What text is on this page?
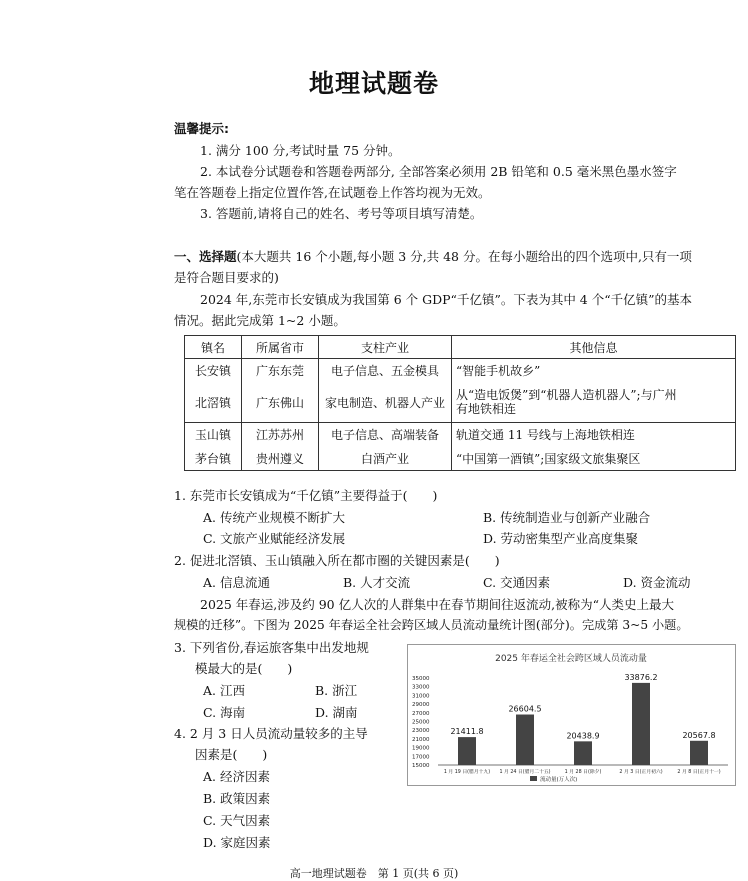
地理试题卷
温馨提示:
1. 满分 100 分,考试时量 75 分钟。
2. 本试卷分试题卷和答题卷两部分, 全部答案必须用 2B 铅笔和 0.5 毫米黑色墨水签字
笔在答题卷上指定位置作答,在试题卷上作答均视为无效。
3. 答题前,请将自己的姓名、考号等项目填写清楚。
一、选择题(本大题共 16 个小题,每小题 3 分,共 48 分。在每小题给出的四个选项中,只有一项
是符合题目要求的)
2024 年,东莞市长安镇成为我国第 6 个 GDP“千亿镇”。下表为其中 4 个“千亿镇”的基本
情况。据此完成第 1~2 小题。
镇名	所属省市	支柱产业	其他信息
长安镇	广东东莞	电子信息、五金模具	“智能手机故乡”
北滘镇	广东佛山	家电制造、机器人产业	从“造电饭煲”到“机器人造机器人”;与广州
有地铁相连
玉山镇	江苏苏州	电子信息、高端装备	轨道交通 11 号线与上海地铁相连
茅台镇	贵州遵义	白酒产业	“中国第一酒镇”;国家级文旅集聚区
1. 东莞市长安镇成为“千亿镇”主要得益于(　　)
A. 传统产业规模不断扩大	B. 传统制造业与创新产业融合
C. 文旅产业赋能经济发展	D. 劳动密集型产业高度集聚
2. 促进北滘镇、玉山镇融入所在都市圈的关键因素是(　　)
A. 信息流通	B. 人才交流	C. 交通因素	D. 资金流动
2025 年春运,涉及约 90 亿人次的人群集中在春节期间往返流动,被称为“人类史上最大
规模的迁移”。下图为 2025 年春运全社会跨区域人员流动量统计图(部分)。完成第 3~5 小题。
3. 下列省份,春运旅客集中出发地规
模最大的是(　　)
A. 江西	B. 浙江
C. 海南	D. 湖南
4. 2 月 3 日人员流动量较多的主导
因素是(　　)
A. 经济因素
B. 政策因素
C. 天气因素
D. 家庭因素
2025 年春运全社会跨区域人员流动量
35000
33000
31000
29000
27000
25000
23000
21000
19000
17000
15000
21411.8
1 月 19 日(腊月十九)
26604.5
1 月 24 日(腊月二十五)
20438.9
1 月 28 日(除夕)
33876.2
2 月 3 日(正月初六)
20567.8
2 月 8 日(正月十一)
流动量(万人次)
高一地理试题卷　第 1 页(共 6 页)
